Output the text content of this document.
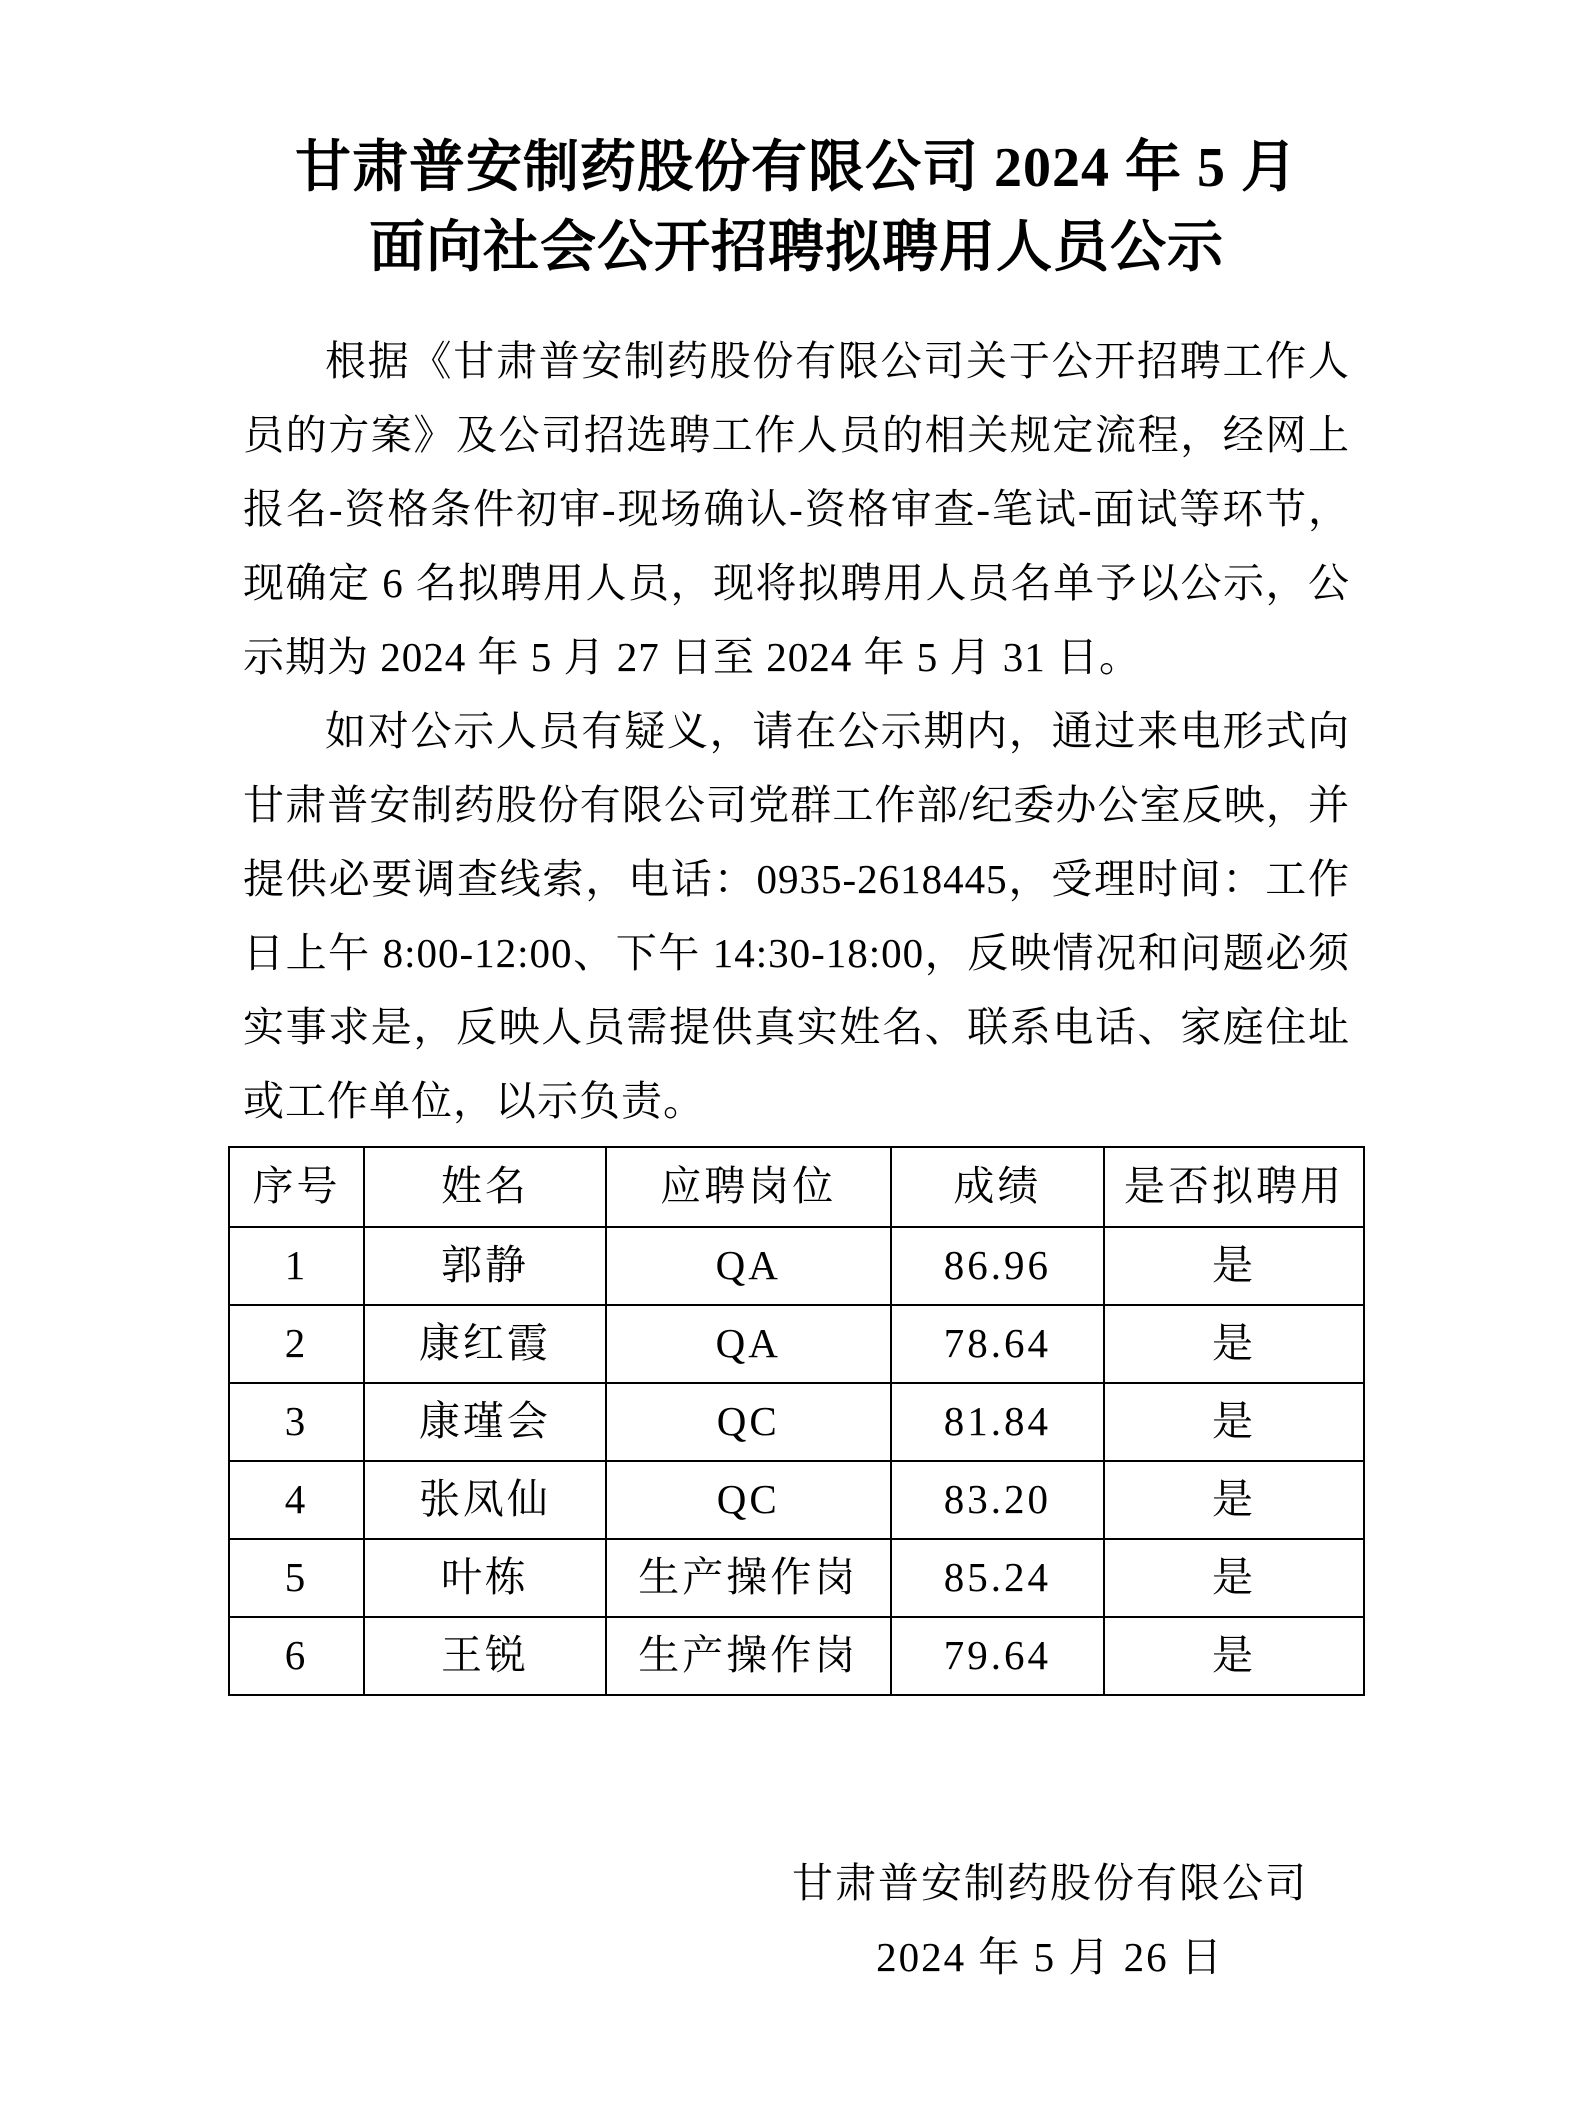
甘肃普安制药股份有限公司 2024 年 5 月
面向社会公开招聘拟聘用人员公示

根据《甘肃普安制药股份有限公司关于公开招聘工作人员的方案》及公司招选聘工作人员的相关规定流程，经网上报名-资格条件初审-现场确认-资格审查-笔试-面试等环节，现确定 6 名拟聘用人员，现将拟聘用人员名单予以公示，公示期为 2024 年 5 月 27 日至 2024 年 5 月 31 日。

如对公示人员有疑义，请在公示期内，通过来电形式向甘肃普安制药股份有限公司党群工作部/纪委办公室反映，并提供必要调查线索，电话：0935-2618445，受理时间：工作日上午 8:00-12:00、下午 14:30-18:00，反映情况和问题必须实事求是，反映人员需提供真实姓名、联系电话、家庭住址或工作单位，以示负责。

序号	姓名	应聘岗位	成绩	是否拟聘用
1	郭静	QA	86.96	是
2	康红霞	QA	78.64	是
3	康瑾会	QC	81.84	是
4	张凤仙	QC	83.20	是
5	叶栋	生产操作岗	85.24	是
6	王锐	生产操作岗	79.64	是
甘肃普安制药股份有限公司
2024 年 5 月 26 日
